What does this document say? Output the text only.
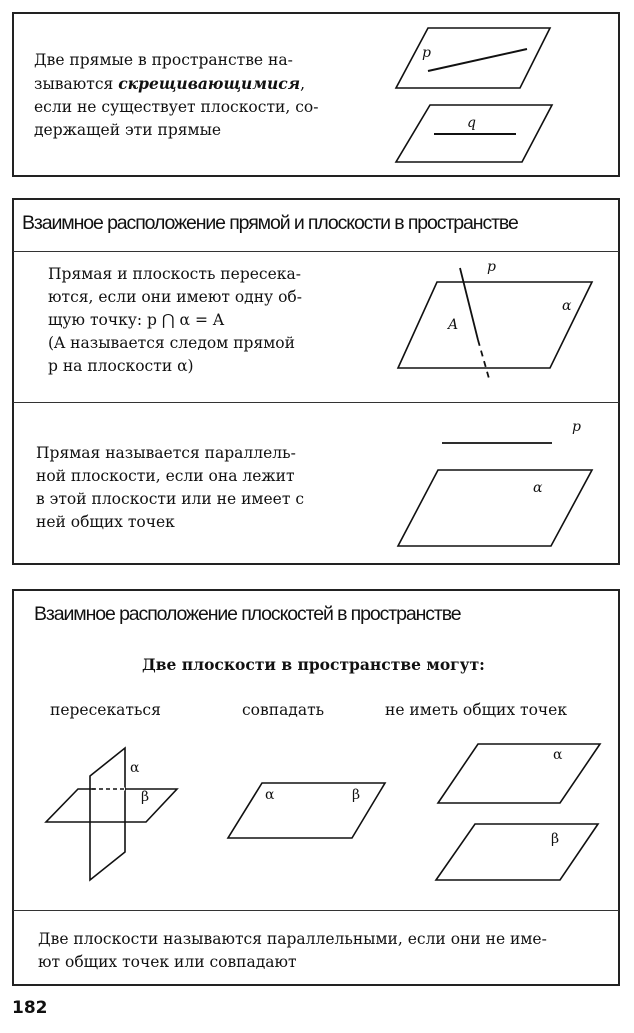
Две прямые в пространстве на-
зываются скрещивающимися,
если не существует плоскости, со-
держащей эти прямые
Взаимное расположение прямой и плоскости в пространстве
Прямая и плоскость пересека-
ются, если они имеют одну об-
щую точку: p ⋂ α = A
(A называется следом прямой
p на плоскости α)
Прямая называется параллель-
ной плоскости, если она лежит
в этой плоскости или не имеет с
ней общих точек
Взаимное расположение плоскостей в пространстве
Две плоскости в пространстве могут:
пересекаться	совпадать	не иметь общих точек
Две плоскости называются параллельными, если они не име-
ют общих точек или совпадают
182
p
q
p
α
A
p
α
α
β	α	β
α
β
